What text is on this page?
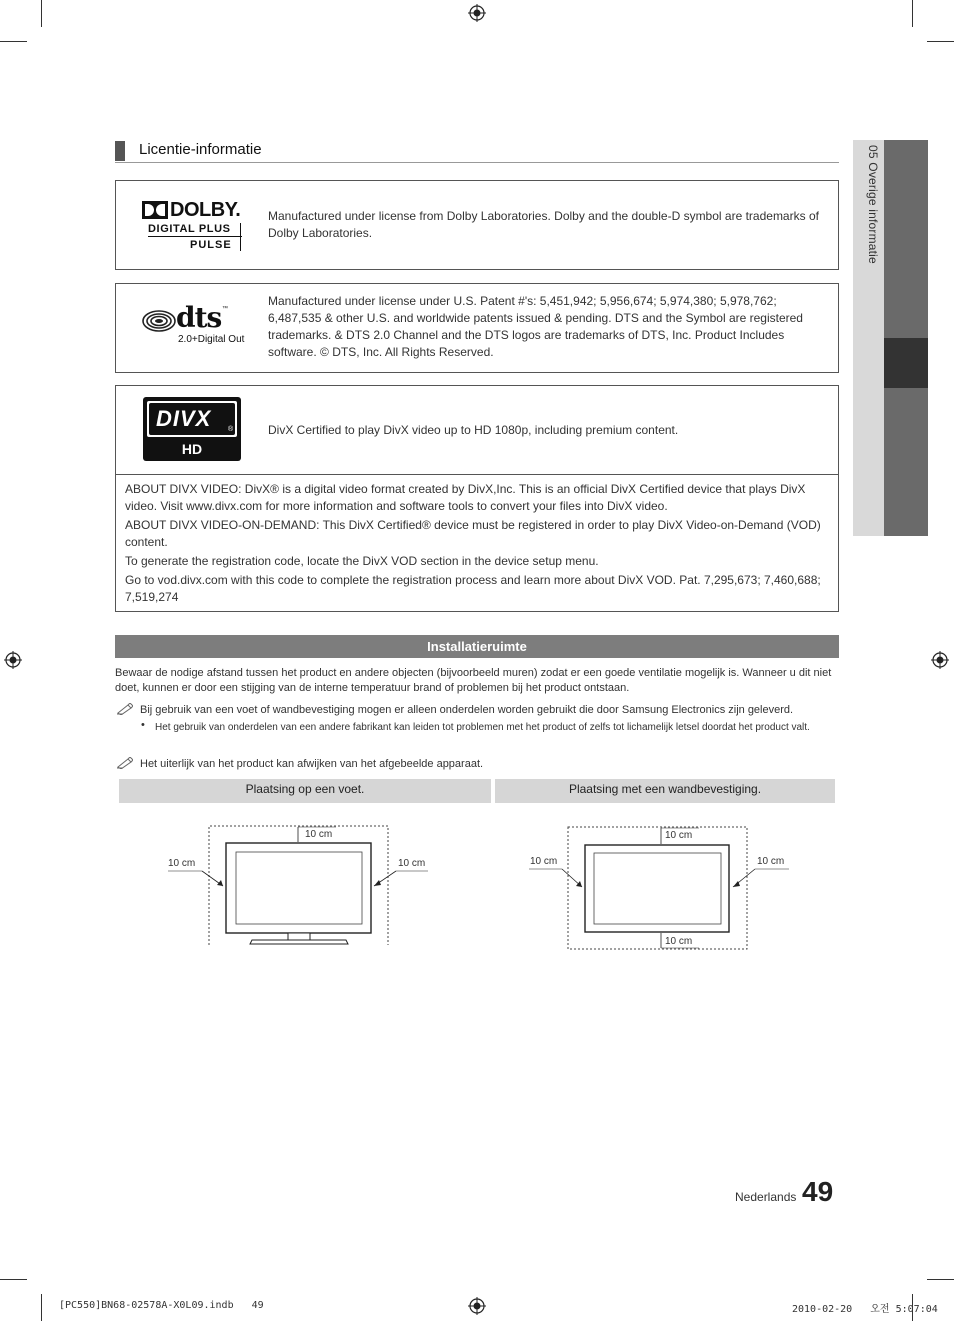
05 Overige informatie
Licentie-informatie
DOLBY.
DIGITAL PLUS
PULSE
Manufactured under license from Dolby Laboratories. Dolby and the double-D symbol are trademarks of Dolby Laboratories.
dts ™
2.0+Digital Out
Manufactured under license under U.S. Patent #'s: 5,451,942; 5,956,674; 5,974,380; 5,978,762; 6,487,535 & other U.S. and worldwide patents issued & pending. DTS and the Symbol are registered trademarks. & DTS 2.0 Channel and the DTS logos are trademarks of DTS, Inc. Product Includes software. © DTS, Inc. All Rights Reserved.
DIVX ®
HD
DivX Certified to play DivX video up to HD 1080p, including premium content.
ABOUT DIVX VIDEO: DivX® is a digital video format created by DivX,Inc. This is an official DivX Certified device that plays DivX video. Visit www.divx.com for more information and software tools to convert your files into DivX video.
ABOUT DIVX VIDEO-ON-DEMAND: This DivX Certified® device must be registered in order to play DivX Video-on-Demand (VOD) content.
To generate the registration code, locate the DivX VOD section in the device setup menu.
Go to vod.divx.com with this code to complete the registration process and learn more about DivX VOD. Pat. 7,295,673; 7,460,688; 7,519,274
Installatieruimte
Bewaar de nodige afstand tussen het product en andere objecten (bijvoorbeeld muren) zodat er een goede ventilatie mogelijk is. Wanneer u dit niet doet, kunnen er door een stijging van de interne temperatuur brand of problemen bij het product ontstaan.
Bij gebruik van een voet of wandbevestiging mogen er alleen onderdelen worden gebruikt die door Samsung Electronics zijn geleverd.
• Het gebruik van onderdelen van een andere fabrikant kan leiden tot problemen met het product of zelfs tot lichamelijk letsel doordat het product valt.
Het uiterlijk van het product kan afwijken van het afgebeelde apparaat.
Plaatsing op een voet.	Plaatsing met een wandbevestiging.
10 cm
10 cm	10 cm
10 cm
10 cm	10 cm
10 cm
Nederlands 49
[PC550]BN68-02578A-X0L09.indb   49	2010-02-20   오전 5:07:04
